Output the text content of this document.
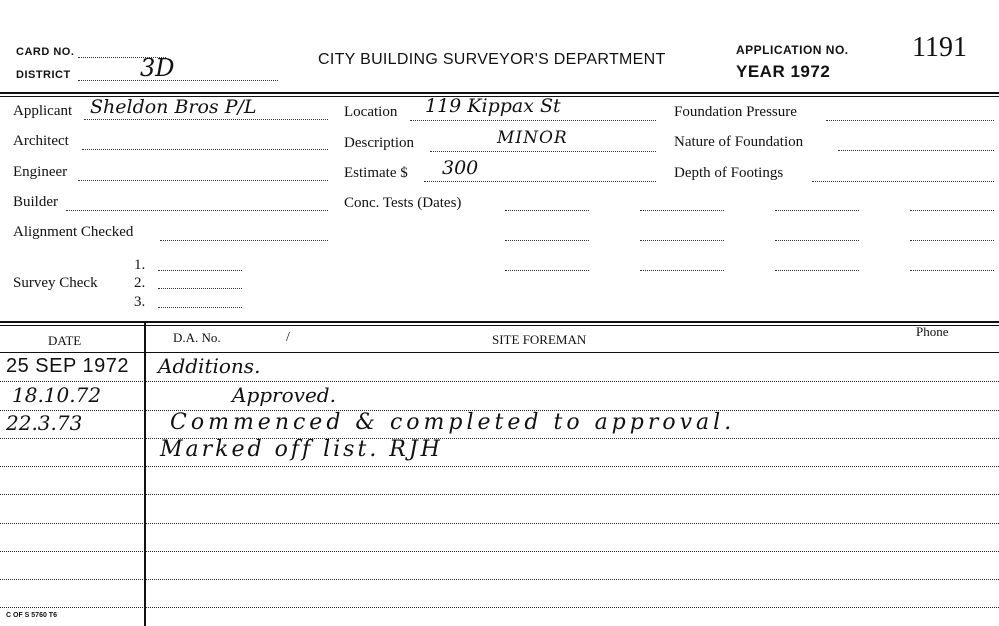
CARD NO.
DISTRICT	3D	CITY BUILDING SURVEYOR'S DEPARTMENT
APPLICATION NO. 1191
YEAR 1972
Applicant Sheldon Bros P/L
Architect
Engineer
Builder
Alignment Checked
Survey Check
1.
2.
3.
Location 119 Kippax St
Description	MINOR
Estimate $ 300
Conc. Tests (Dates)
Foundation Pressure
Nature of Foundation
Depth of Footings
DATE	D.A. No.	/	SITE FOREMAN
Phone
25 SEP 1972 Additions.
18.10.72	Approved.
22.3.73	Commenced & completed to approval.
Marked off list. RJH
C OF S 5760 T6
